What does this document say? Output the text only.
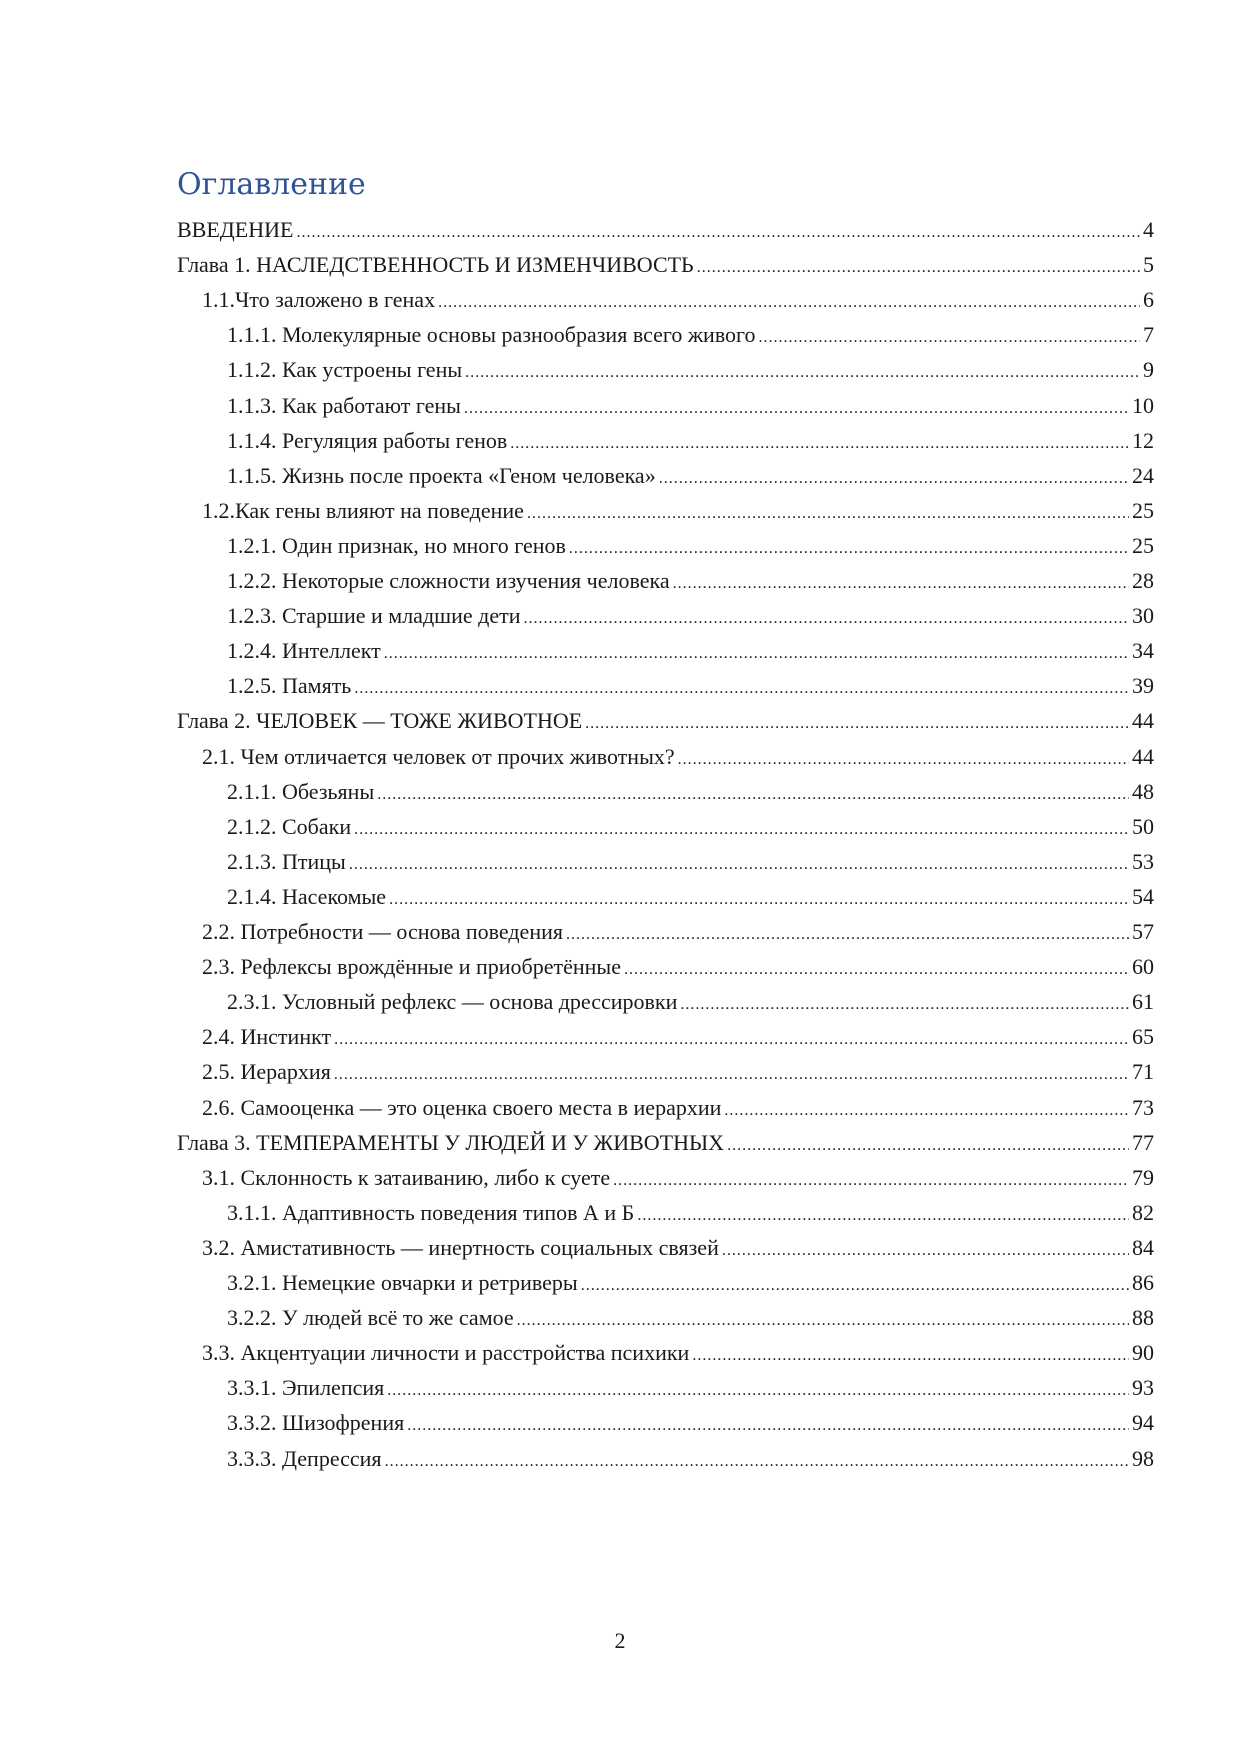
Оглавление
ВВЕДЕНИЕ .....	4
Глава 1. НАСЛЕДСТВЕННОСТЬ И ИЗМЕНЧИВОСТЬ .....	5
1.1. Что заложено в генах .....	6
1.1.1. Молекулярные основы разнообразия всего живого .....	7
1.1.2. Как устроены гены .....	9
1.1.3. Как работают гены .....	10
1.1.4. Регуляция работы генов .....	12
1.1.5. Жизнь после проекта «Геном человека» .....	24
1.2. Как гены влияют на поведение .....	25
1.2.1. Один признак, но много генов .....	25
1.2.2. Некоторые сложности изучения человека .....	28
1.2.3. Старшие и младшие дети .....	30
1.2.4. Интеллект .....	34
1.2.5. Память .....	39
Глава 2. ЧЕЛОВЕК — ТОЖЕ ЖИВОТНОЕ .....	44
2.1. Чем отличается человек от прочих животных? .....	44
2.1.1. Обезьяны .....	48
2.1.2. Собаки .....	50
2.1.3. Птицы .....	53
2.1.4. Насекомые .....	54
2.2. Потребности — основа поведения .....	57
2.3. Рефлексы врождённые и приобретённые .....	60
2.3.1. Условный рефлекс — основа дрессировки .....	61
2.4. Инстинкт .....	65
2.5. Иерархия .....	71
2.6. Самооценка — это оценка своего места в иерархии .....	73
Глава 3. ТЕМПЕРАМЕНТЫ У ЛЮДЕЙ И У ЖИВОТНЫХ .....	77
3.1. Склонность к затаиванию, либо к суете .....	79
3.1.1. Адаптивность поведения типов А и Б .....	82
3.2. Амистативность — инертность социальных связей .....	84
3.2.1. Немецкие овчарки и ретриверы .....	86
3.2.2. У людей всё то же самое .....	88
3.3. Акцентуации личности и расстройства психики .....	90
3.3.1. Эпилепсия .....	93
3.3.2. Шизофрения .....	94
3.3.3. Депрессия .....	98
2
